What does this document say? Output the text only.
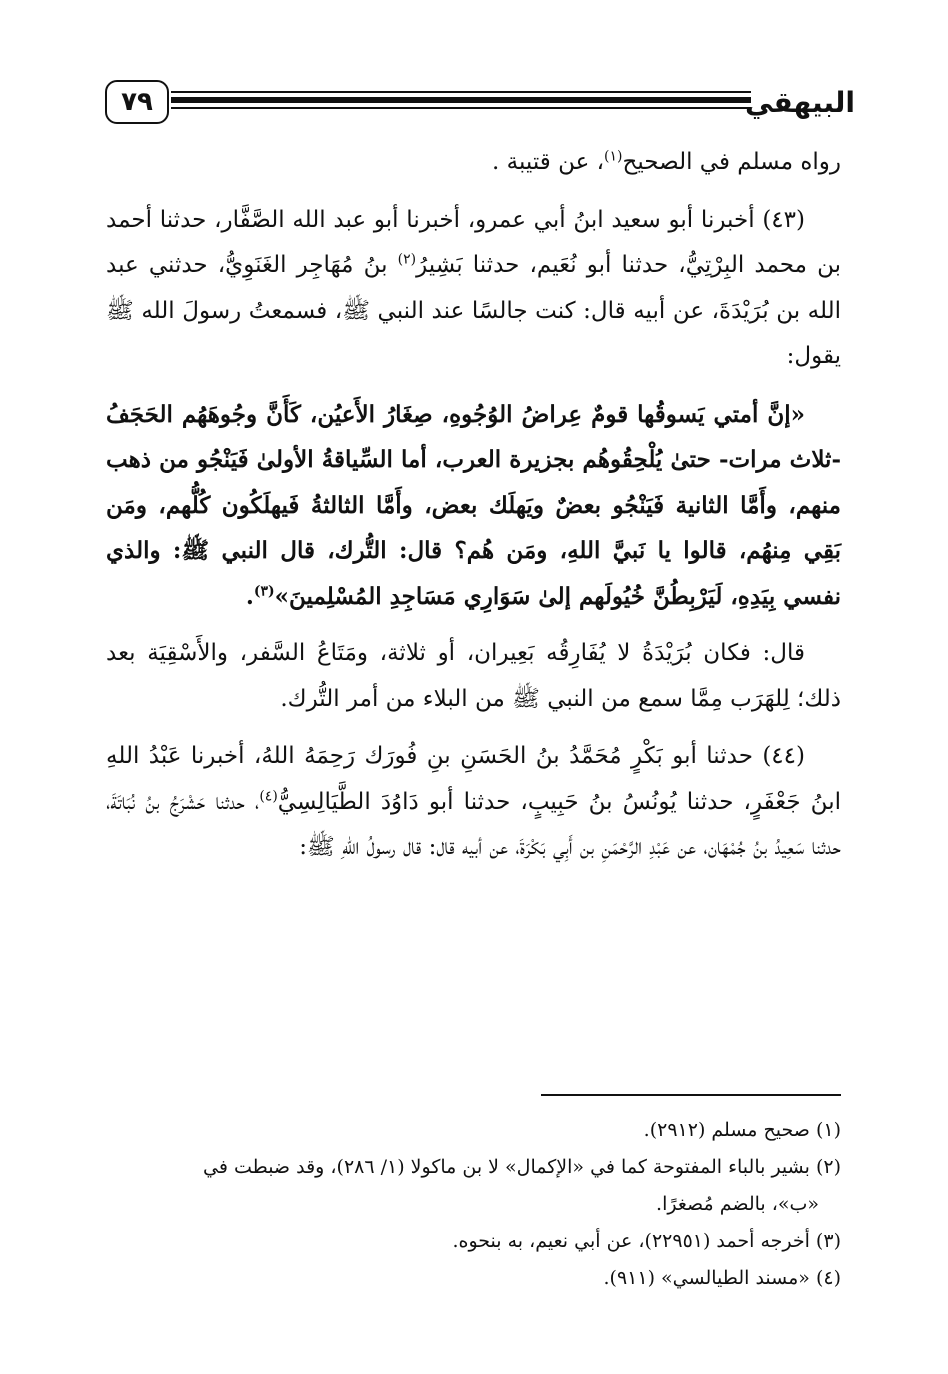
٧٩	البيهقي

رواه مسلم في الصحيح$^{(١)}$، عن قتيبة .

(٤٣) أخبرنا أبو سعيد ابنُ أبي عمرو، أخبرنا أبو عبد الله الصَّفَّار، حدثنا أحمد بن محمد البِرْتِيُّ، حدثنا أبو نُعَيم، حدثنا بَشِيرُ$^{(٢)}$ بنُ مُهَاجِر الغَنَوِيُّ، حدثني عبد الله بن بُرَيْدَةَ، عن أبيه قال: كنت جالسًا عند النبي ﷺ، فسمعتُ رسولَ الله ﷺ يقول:

«إنَّ أمتي يَسوقُها قومٌ عِراضُ الوُجُوهِ، صِغَارُ الأَعيُن، كَأَنَّ وجُوهَهُم الحَجَفُ -ثلاث مرات- حتىٰ يُلْحِقُوهُم بجزيرة العرب، أما السِّياقةُ الأولىٰ فَيَنْجُو من ذهب منهم، وأَمَّا الثانية فَيَنْجُو بعضٌ ويَهلَك بعض، وأَمَّا الثالثةُ فَيهلَكُون كُلُّهم، ومَن بَقِي مِنهُم، قالوا يا نَبيَّ اللهِ، ومَن هُم؟ قال: التُّرك، قال النبي ﷺ: والذي نفسي بِيَدِهِ، لَيَرْبِطُنَّ خُيُولَهم إلىٰ سَوَارِي مَسَاجِدِ المُسْلِمينَ»$^{(٣)}$.

قال: فكان بُرَيْدَةُ لا يُفَارِقُه بَعِيران، أو ثلاثة، ومَتَاعُ السَّفر، والأَسْقِيَة بعد ذلك؛ لِلهَرَب مِمَّا سمع من النبي ﷺ من البلاء من أمر التُّرك.

(٤٤) حدثنا أبو بَكْرٍ مُحَمَّدُ بنُ الحَسَنِ بنِ فُورَك رَحِمَهُ اللهُ، أخبرنا عَبْدُ اللهِ ابنُ جَعْفَرٍ، حدثنا يُونُسُ بنُ حَبِيبٍ، حدثنا أبو دَاوُدَ الطَّيَالِسِيُّ$^{(٤)}$، حدثنا حَشْرَجُ بنُ نُبَاتَةَ، حدثنا سَعِيدُ بنُ جُمْهَان، عن عَبْدِ الرَّحْمَنِ بن أَبِي بَكْرَةَ، عن أبيه قال: قال رسولُ اللهِ ﷺ:

(١) صحيح مسلم (٢٩١٢).

(٢) بشير بالباء المفتوحة كما في «الإكمال» لا بن ماكولا (١/ ٢٨٦)، وقد ضبطت في

«ب»، بالضم مُصغرًا.

(٣) أخرجه أحمد (٢٢٩٥١)، عن أبي نعيم، به بنحوه.

(٤) «مسند الطيالسي» (٩١١).
